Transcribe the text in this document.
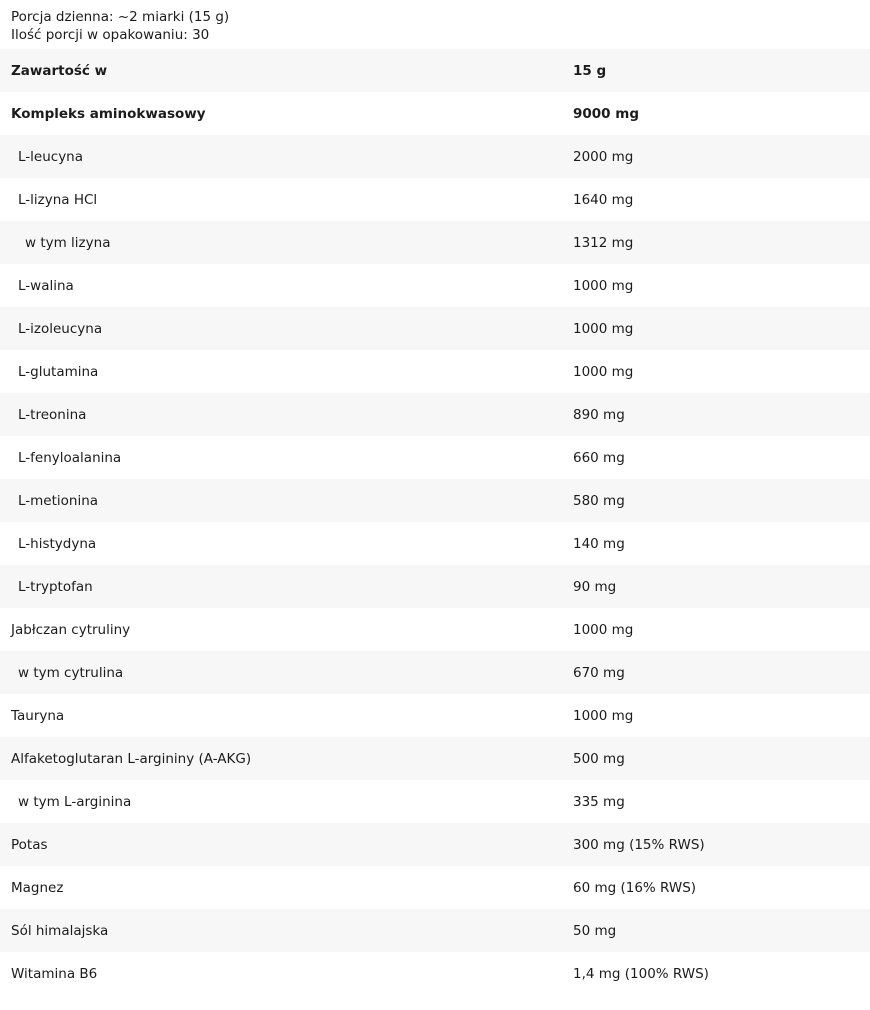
Porcja dzienna: ~2 miarki (15 g)
Ilość porcji w opakowaniu: 30
Zawartość w	15 g
Kompleks aminokwasowy	9000 mg
L-leucyna	2000 mg
L-lizyna HCl	1640 mg
w tym lizyna	1312 mg
L-walina	1000 mg
L-izoleucyna	1000 mg
L-glutamina	1000 mg
L-treonina	890 mg
L-fenyloalanina	660 mg
L-metionina	580 mg
L-histydyna	140 mg
L-tryptofan	90 mg
Jabłczan cytruliny	1000 mg
w tym cytrulina	670 mg
Tauryna	1000 mg
Alfaketoglutaran L-argininy (A-AKG)	500 mg
w tym L-arginina	335 mg
Potas	300 mg (15% RWS)
Magnez	60 mg (16% RWS)
Sól himalajska	50 mg
Witamina B6	1,4 mg (100% RWS)
